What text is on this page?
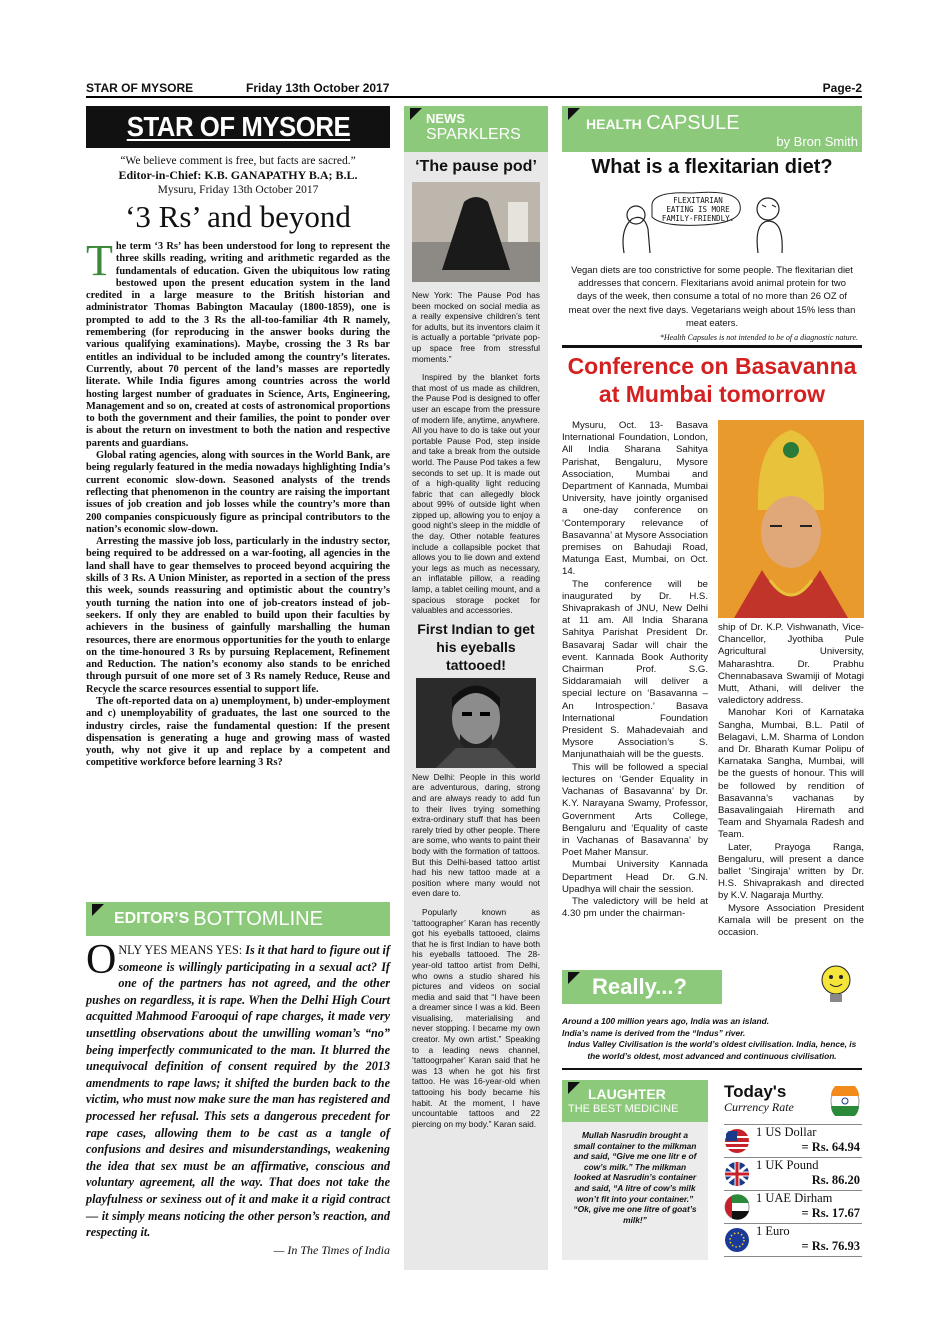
STAR OF MYSORE	Friday 13th October 2017	Page-2
STAR OF MYSORE
“We believe comment is free, but facts are sacred.”
Editor-in-Chief: K.B. GANAPATHY B.A; B.L.
Mysuru, Friday 13th October 2017
‘3 Rs’ and beyond

The term ‘3 Rs’ has been understood for long to represent the three skills reading, writing and arithmetic regarded as the fundamentals of education. Given the ubiquitous low rating bestowed upon the present education system in the land credited in a large measure to the British historian and administrator Thomas Babington Macaulay (1800-1859), one is prompted to add to the 3 Rs the all-too-familiar 4th R namely, remembering (for reproducing in the answer books during the various qualifying examinations). Maybe, crossing the 3 Rs bar entitles an individual to be included among the country’s literates. Currently, about 70 percent of the land’s masses are reportedly literate. While India figures among countries across the world hosting largest number of graduates in Science, Arts, Engineering, Management and so on, created at costs of astronomical proportions to both the government and their families, the point to ponder over is about the return on investment to both the nation and respective parents and guardians.

Global rating agencies, along with sources in the World Bank, are being regularly featured in the media nowadays highlighting India’s current economic slow-down. Seasoned analysts of the trends reflecting that phenomenon in the country are raising the important issues of job creation and job losses while the country’s more than 200 companies conspicuously figure as principal contributors to the nation’s economic slow-down.

Arresting the massive job loss, particularly in the industry sector, being required to be addressed on a war-footing, all agencies in the land shall have to gear themselves to proceed beyond acquiring the skills of 3 Rs. A Union Minister, as reported in a section of the press this week, sounds reassuring and optimistic about the country’s youth turning the nation into one of job-creators instead of job-seekers. If only they are enabled to build upon their faculties by achievers in the business of gainfully marshalling the human resources, there are enormous opportunities for the youth to enlarge on the time-honoured 3 Rs by pursuing Replacement, Refinement and Reduction. The nation’s economy also stands to be enriched through pursuit of one more set of 3 Rs namely Reduce, Reuse and Recycle the scarce resources essential to support life.

The oft-reported data on a) unemployment, b) under-employment and c) unemployability of graduates, the last one sourced to the industry circles, raise the fundamental question: If the present dispensation is generating a huge and growing mass of wasted youth, why not give it up and replace by a competent and competitive workforce before learning 3 Rs?

EDITOR’S BOTTOMLINE
ONLY YES MEANS YES: Is it that hard to figure out if someone is willingly participating in a sexual act? If one of the partners has not agreed, and the other pushes on regardless, it is rape. When the Delhi High Court acquitted Mahmood Farooqui of rape charges, it made very unsettling observations about the unwilling woman’s “no” being imperfectly communicated to the man. It blurred the unequivocal definition of consent required by the 2013 amendments to rape laws; it shifted the burden back to the victim, who must now make sure the man has registered and processed her refusal. This sets a dangerous precedent for rape cases, allowing them to be cast as a tangle of confusions and desires and misunderstandings, weakening the idea that sex must be an affirmative, conscious and voluntary agreement, all the way. That does not take the playfulness or sexiness out of it and make it a rigid contract — it simply means noticing the other person’s reaction, and respecting it.
— In The Times of India
NEWS
SPARKLERS
‘The pause pod’

New York: The Pause Pod has been mocked on social media as a really expensive children’s tent for adults, but its inventors claim it is actually a portable “private pop-up space free from stressful moments.”

Inspired by the blanket forts that most of us made as children, the Pause Pod is designed to offer user an escape from the pressure of modern life, anytime, anywhere. All you have to do is take out your portable Pause Pod, step inside and take a break from the outside world. The Pause Pod takes a few seconds to set up. It is made out of a high-quality light reducing fabric that can allegedly block about 99% of outside light when zipped up, allowing you to enjoy a good night’s sleep in the middle of the day. Other notable features include a collapsible pocket that allows you to lie down and extend your legs as much as necessary, an inflatable pillow, a reading lamp, a tablet ceiling mount, and a spacious storage pocket for valuables and accessories.

First Indian to get his eyeballs tattooed!

New Delhi: People in this world are adventurous, daring, strong and are always ready to add fun to their lives trying something extra-ordinary stuff that has been rarely tried by other people. There are some, who wants to paint their body with the formation of tattoos. But this Delhi-based tattoo artist had his new tattoo made at a position where many would not even dare to.

Popularly known as ‘tattoographer’ Karan has recently got his eyeballs tattooed, claims that he is first Indian to have both his eyeballs tattooed. The 28-year-old tattoo artist from Delhi, who owns a studio shared his pictures and videos on social media and said that “I have been a dreamer since I was a kid. Been visualising, materialising and never stopping. I became my own creator. My own artist.” Speaking to a leading news channel, ‘tattoogrpaher’ Karan said that he was 13 when he got his first tattoo. He was 16-year-old when tattooing his body became his habit. At the moment, I have uncountable tattoos and 22 piercing on my body.” Karan said.

HEALTH CAPSULE
by Bron Smith
What is a flexitarian diet?
FLEXITARIAN EATING IS MORE FAMILY-FRIENDLY.
Vegan diets are too constrictive for some people. The flexitarian diet addresses that concern. Flexitarians avoid animal protein for two days of the week, then consume a total of no more than 26 OZ of meat over the next five days. Vegetarians weigh about 15% less than meat eaters.
*Health Capsules is not intended to be of a diagnostic nature.
Conference on Basavanna at Mumbai tomorrow

Mysuru, Oct. 13- Basava International Foundation, London, All India Sharana Sahitya Parishat, Bengaluru, Mysore Association, Mumbai and Department of Kannada, Mumbai University, have jointly organised a one-day conference on ‘Contemporary relevance of Basavanna’ at Mysore Association premises on Bahudaji Road, Matunga East, Mumbai, on Oct. 14.

The conference will be inaugurated by Dr. H.S. Shivaprakash of JNU, New Delhi at 11 am. All India Sharana Sahitya Parishat President Dr. Basavaraj Sadar will chair the event. Kannada Book Authority Chairman Prof. S.G. Siddaramaiah will deliver a special lecture on ‘Basavanna – An Introspection.’ Basava International Foundation President S. Mahadevaiah and Mysore Association’s S. Manjunathaiah will be the guests.

This will be followed a special lectures on ‘Gender Equality in Vachanas of Basavanna’ by Dr. K.Y. Narayana Swamy, Professor, Government Arts College, Bengaluru and ‘Equality of caste in Vachanas of Basavanna’ by Poet Maher Mansur.

Mumbai University Kannada Department Head Dr. G.N. Upadhya will chair the session.

The valedictory will be held at 4.30 pm under the chairman-

ship of Dr. K.P. Vishwanath, Vice-Chancellor, Jyothiba Pule Agricultural University, Maharashtra. Dr. Prabhu Chennabasava Swamiji of Motagi Mutt, Athani, will deliver the valedictory address.

Manohar Kori of Karnataka Sangha, Mumbai, B.L. Patil of Belagavi, L.M. Sharma of London and Dr. Bharath Kumar Polipu of Karnataka Sangha, Mumbai, will be the guests of honour. This will be followed by rendition of Basavanna’s vachanas by Basavalingaiah Hiremath and Team and Shyamala Radesh and Team.

Later, Prayoga Ranga, Bengaluru, will present a dance ballet ‘Singiraja’ written by Dr. H.S. Shivaprakash and directed by K.V. Nagaraja Murthy.

Mysore Association President Kamala will be present on the occasion.

Really...?
Around a 100 million years ago, India was an island.
India’s name is derived from the “Indus” river.
Indus Valley Civilisation is the world’s oldest civilisation. India, hence, is the world’s oldest, most advanced and continuous civilisation.
LAUGHTER
THE BEST MEDICINE
Mullah Nasrudin brought a small container to the milkman and said, “Give me one litr e of cow’s milk.” The milkman looked at Nasrudin’s container and said, “A litre of cow’s milk won’t fit into your container.” “Ok, give me one litre of goat’s milk!”
Today's
Currency Rate
1 US Dollar
= Rs. 64.94
1 UK Pound
Rs. 86.20
1 UAE Dirham
= Rs. 17.67
1 Euro
= Rs. 76.93
